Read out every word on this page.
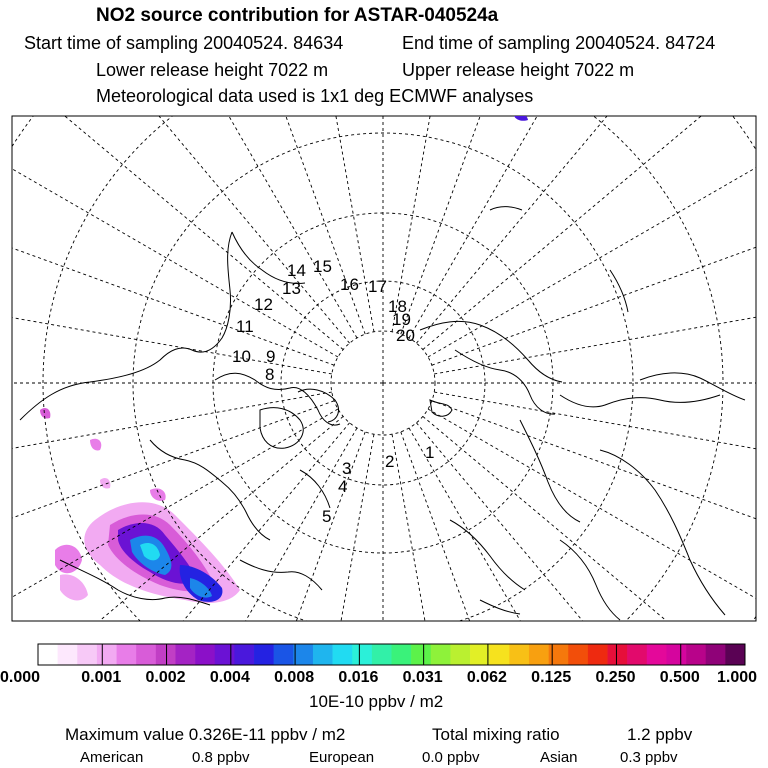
NO2 source contribution for ASTAR-040524a
Start time of sampling 20040524. 84634	End time of sampling 20040524. 84724
Lower release height 7022 m	Upper release height 7022 m
Meteorological data used is 1x1 deg ECMWF analyses
1
2
3
4
5
8
9
10
11
12
13
14 15
16 17
18
19
20
0.000	0.001 0.002 0.004 0.008 0.016 0.031 0.062 0.125 0.250 0.500 1.000
10E-10 ppbv / m2
Maximum value 0.326E-11 ppbv / m2	Total mixing ratio	1.2 ppbv
American	0.8 ppbv	European	0.0 ppbv	Asian	0.3 ppbv
